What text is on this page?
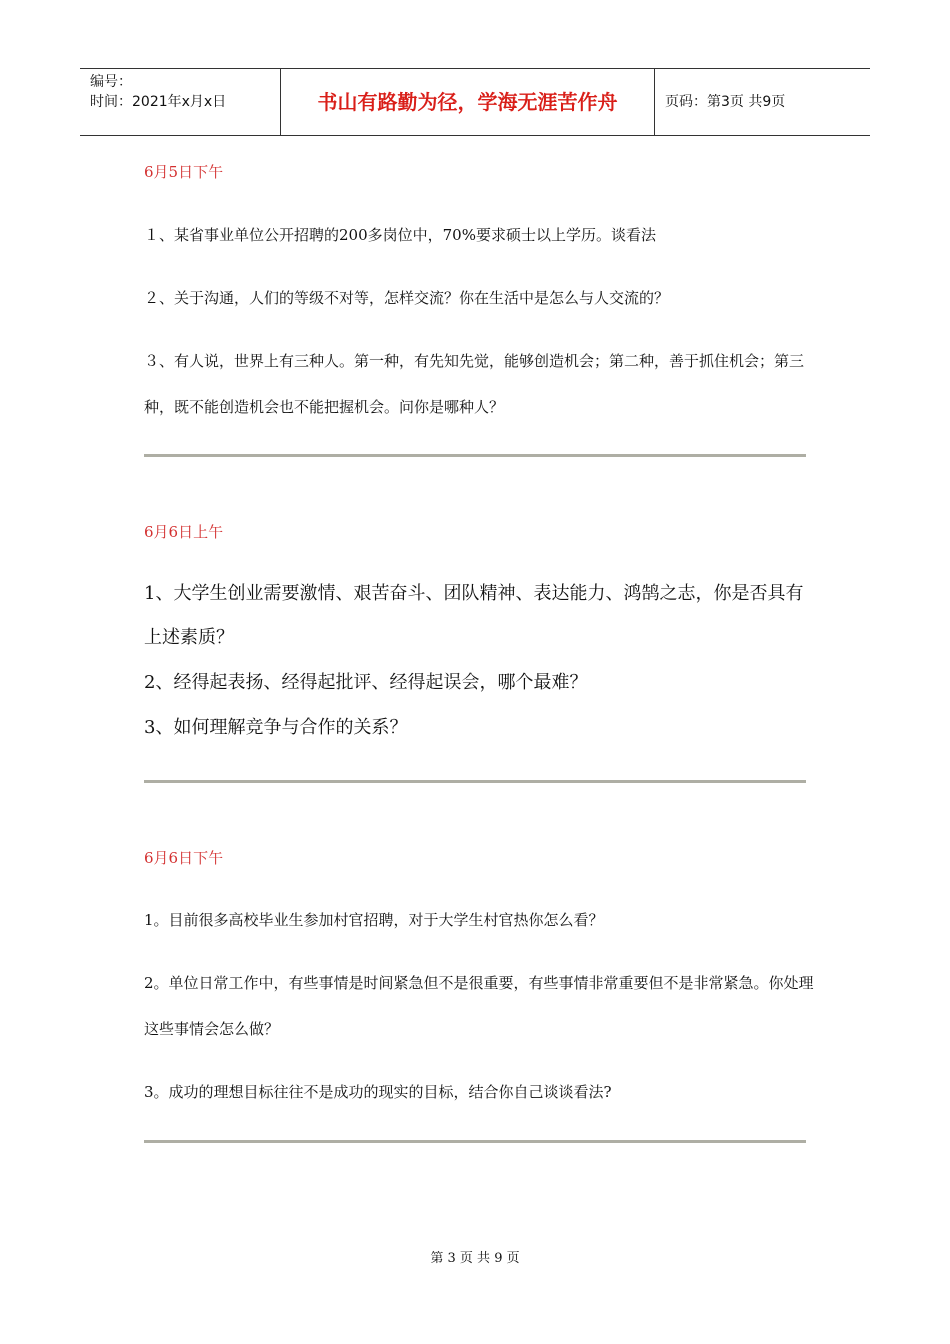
编号：
时间：2021年x月x日	书山有路勤为径，学海无涯苦作舟	页码：第3页 共9页
6月5日下午
１、某省事业单位公开招聘的200多岗位中，70%要求硕士以上学历。谈看法
２、关于沟通，人们的等级不对等，怎样交流？你在生活中是怎么与人交流的？
３、有人说，世界上有三种人。第一种，有先知先觉，能够创造机会；第二种，善于抓住机会；第三种，既不能创造机会也不能把握机会。问你是哪种人？
6月6日上午
1、大学生创业需要激情、艰苦奋斗、团队精神、表达能力、鸿鹄之志，你是否具有上述素质？
2、经得起表扬、经得起批评、经得起误会，哪个最难？
3、如何理解竞争与合作的关系？
6月6日下午
1。目前很多高校毕业生参加村官招聘，对于大学生村官热你怎么看？
2。单位日常工作中，有些事情是时间紧急但不是很重要，有些事情非常重要但不是非常紧急。你处理这些事情会怎么做？
3。成功的理想目标往往不是成功的现实的目标，结合你自己谈谈看法?
第 3 页 共 9 页
